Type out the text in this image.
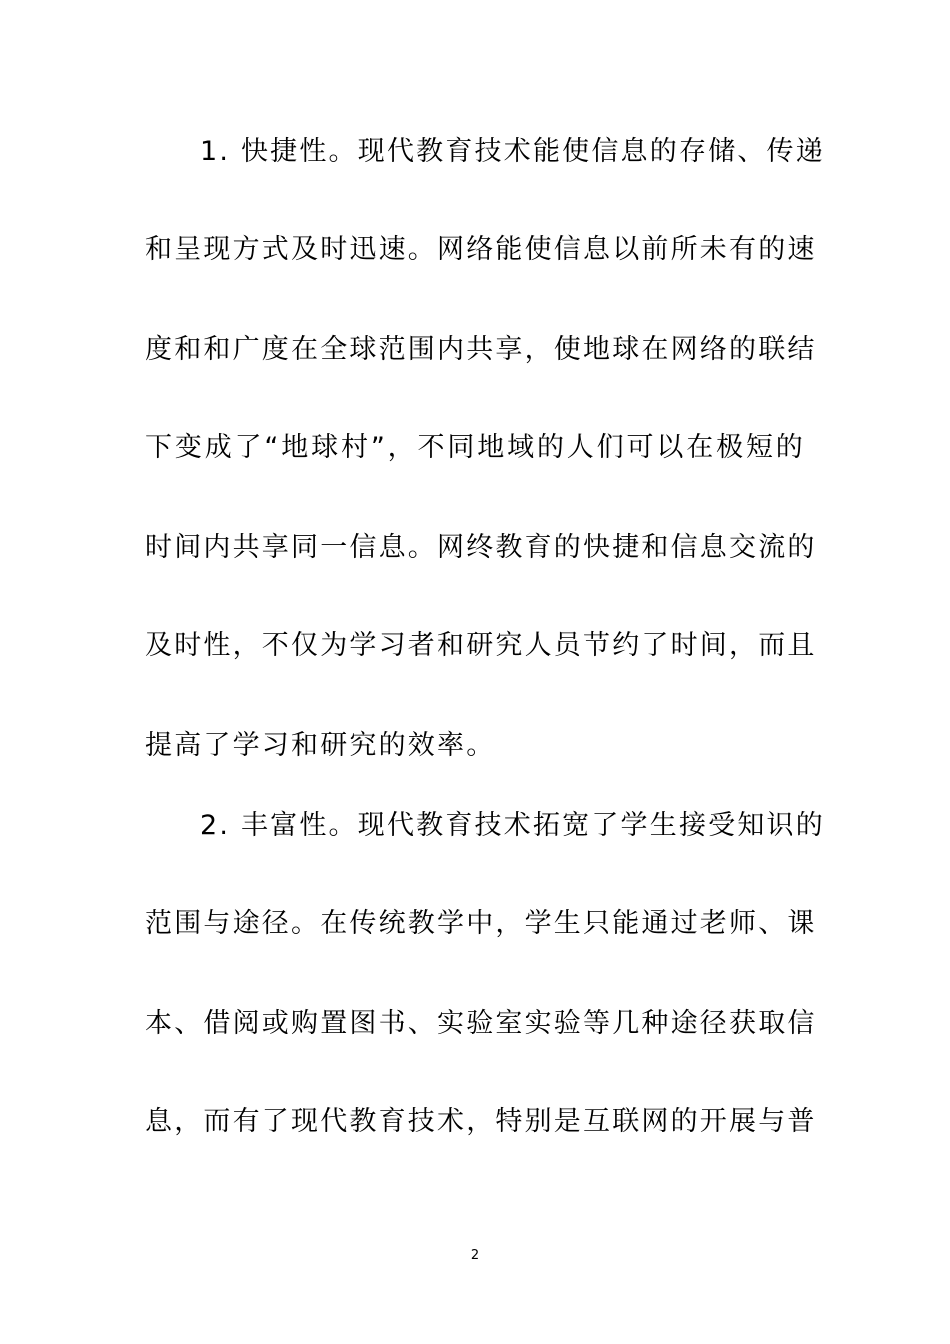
1. 快捷性。现代教育技术能使信息的存储、传递
和呈现方式及时迅速。网络能使信息以前所未有的速
度和和广度在全球范围内共享，使地球在网络的联结
下变成了“地球村”，不同地域的人们可以在极短的
时间内共享同一信息。网终教育的快捷和信息交流的
及时性，不仅为学习者和研究人员节约了时间，而且
提高了学习和研究的效率。
2. 丰富性。现代教育技术拓宽了学生接受知识的
范围与途径。在传统教学中，学生只能通过老师、课
本、借阅或购置图书、实验室实验等几种途径获取信
息，而有了现代教育技术，特别是互联网的开展与普
2
